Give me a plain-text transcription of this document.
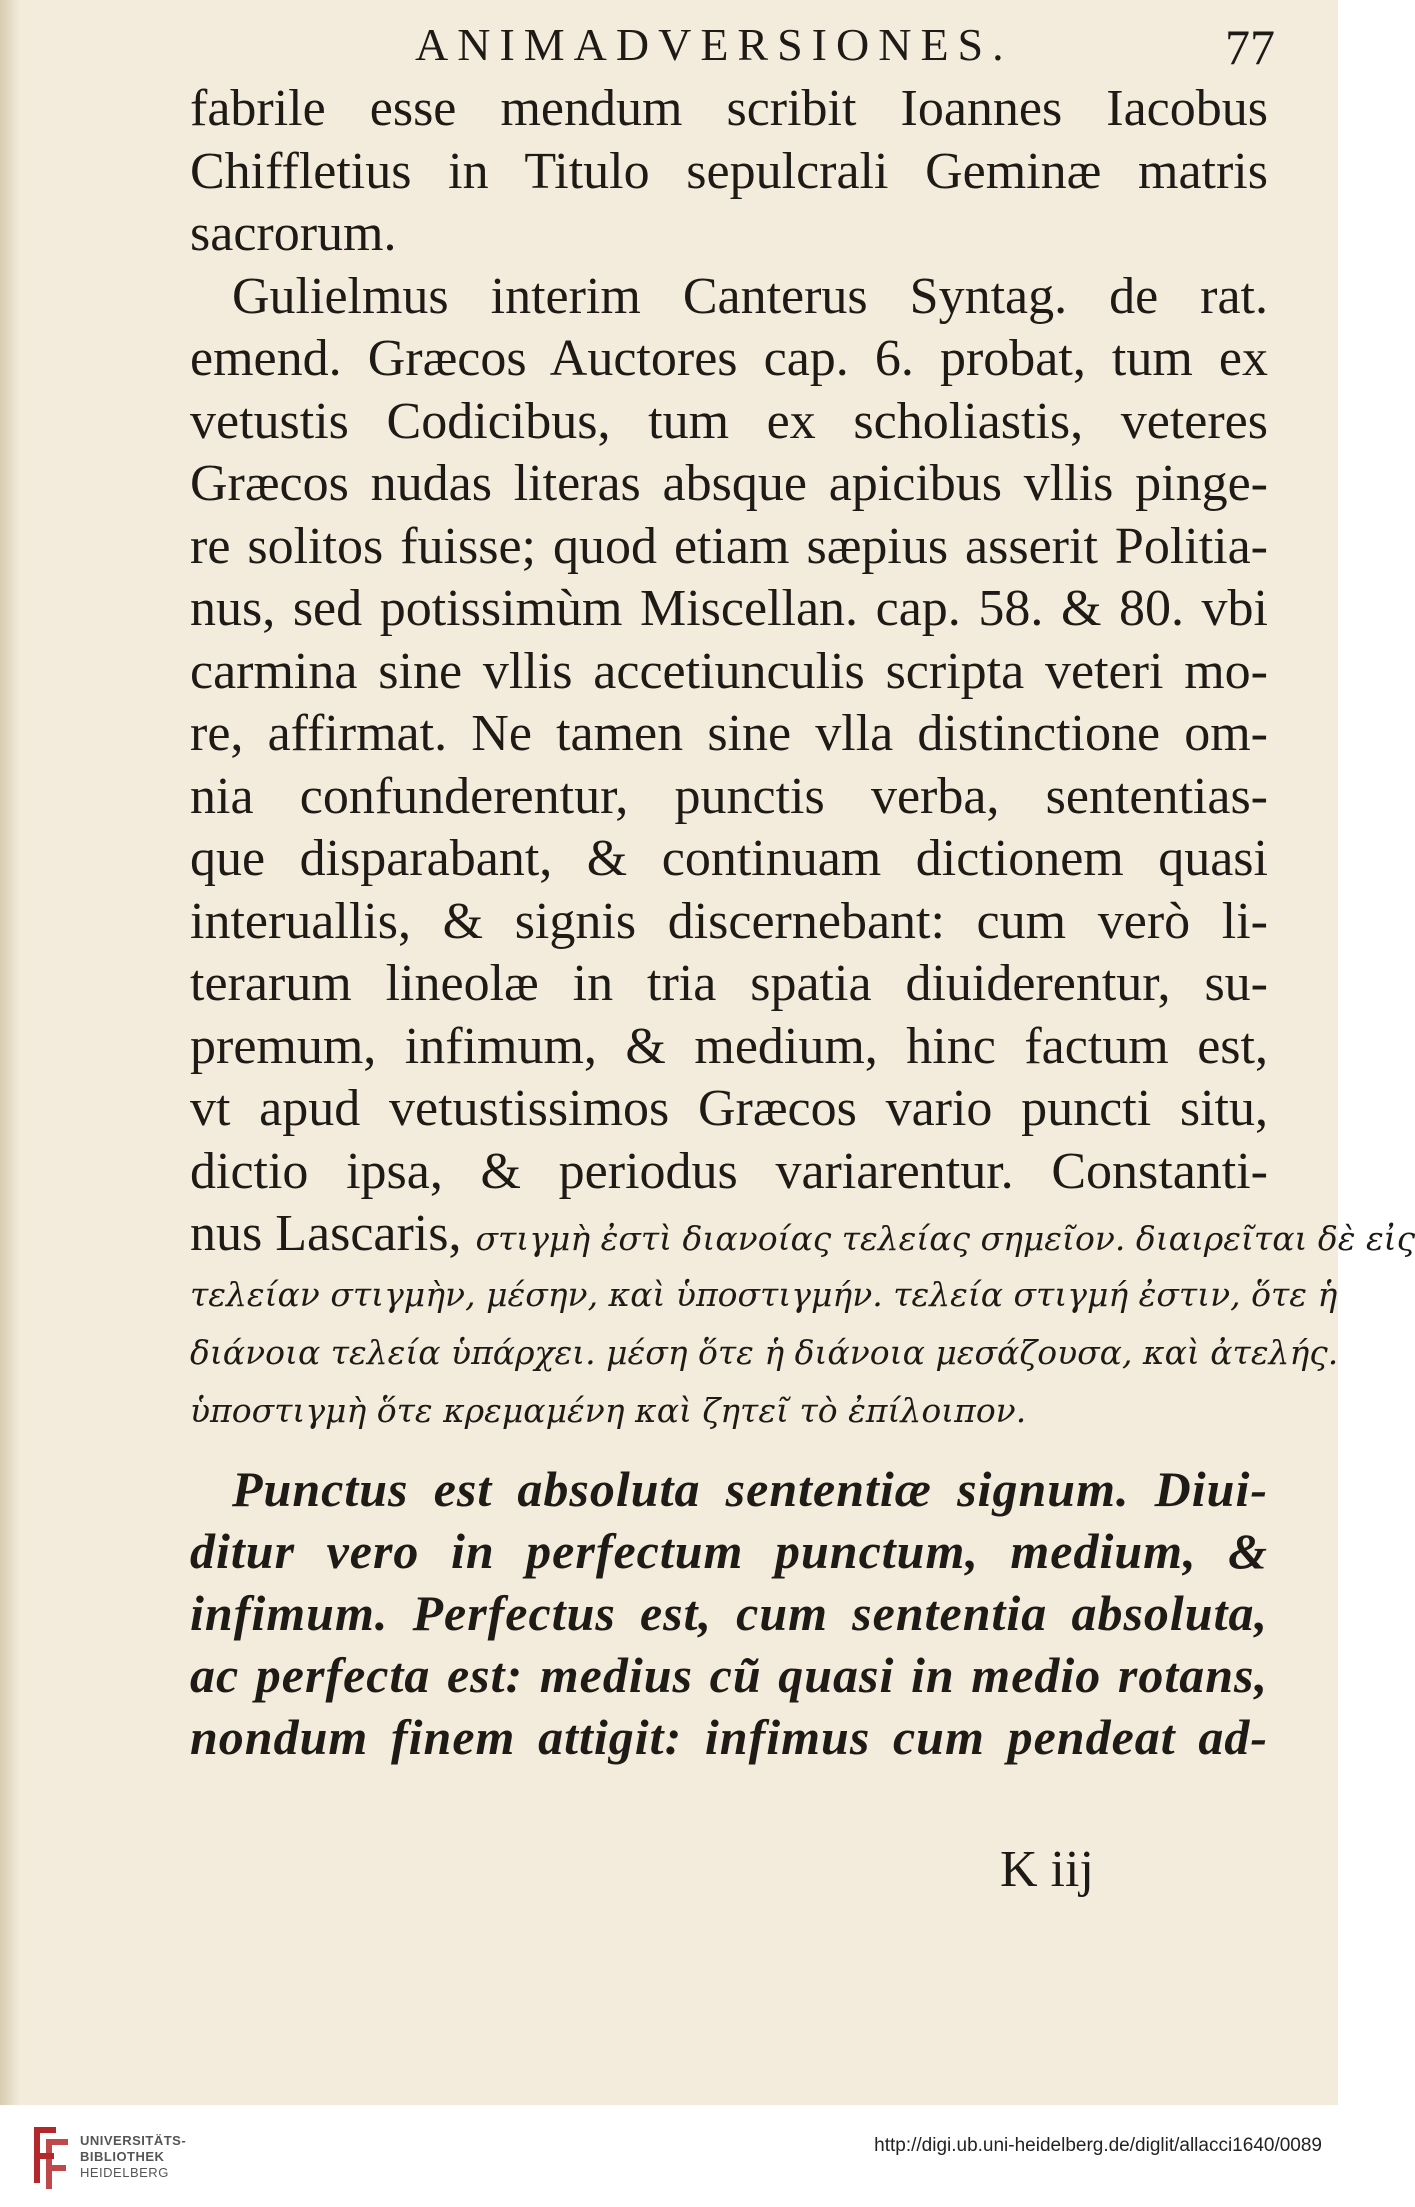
ANIMADVERSIONES.	77
fabrile esse mendum scribit Ioannes Iacobus
Chiffletius in Titulo sepulcrali Geminæ matris
sacrorum.
Gulielmus interim Canterus Syntag. de rat.
emend. Græcos Auctores cap. 6. probat, tum ex
vetustis Codicibus, tum ex scholiastis, veteres
Græcos nudas literas absque apicibus vllis pinge-
re solitos fuisse; quod etiam sæpius asserit Politia-
nus, sed potissimùm Miscellan. cap. 58. & 80. vbi
carmina sine vllis accetiunculis scripta veteri mo-
re, affirmat. Ne tamen sine vlla distinctione om-
nia confunderentur, punctis verba, sententias-
que disparabant, & continuam dictionem quasi
interuallis, & signis discernebant: cum verò li-
terarum lineolæ in tria spatia diuiderentur, su-
premum, infimum, & medium, hinc factum est,
vt apud vetustissimos Græcos vario puncti situ,
dictio ipsa, & periodus variarentur. Constanti-
nus Lascaris, στιγμὴ ἐστὶ διανοίας τελείας σημεῖον. διαιρεῖται δὲ εἰς
τελείαν στιγμὴν, μέσην, καὶ ὑποστιγμήν. τελεία στιγμή ἐστιν, ὅτε ἡ
διάνοια τελεία ὑπάρχει. μέση ὅτε ἡ διάνοια μεσάζουσα, καὶ ἀτελής.
ὑποστιγμὴ ὅτε κρεμαμένη καὶ ζητεῖ τὸ ἐπίλοιπον.
Punctus est absoluta sententiæ signum. Diui-
ditur vero in perfectum punctum, medium, &
infimum. Perfectus est, cum sententia absoluta,
ac perfecta est: medius cũ quasi in medio rotans,
nondum finem attigit: infimus cum pendeat ad-
K iij
UNIVERSITÄTS-
BIBLIOTHEK
HEIDELBERG
http://digi.ub.uni-heidelberg.de/diglit/allacci1640/0089
